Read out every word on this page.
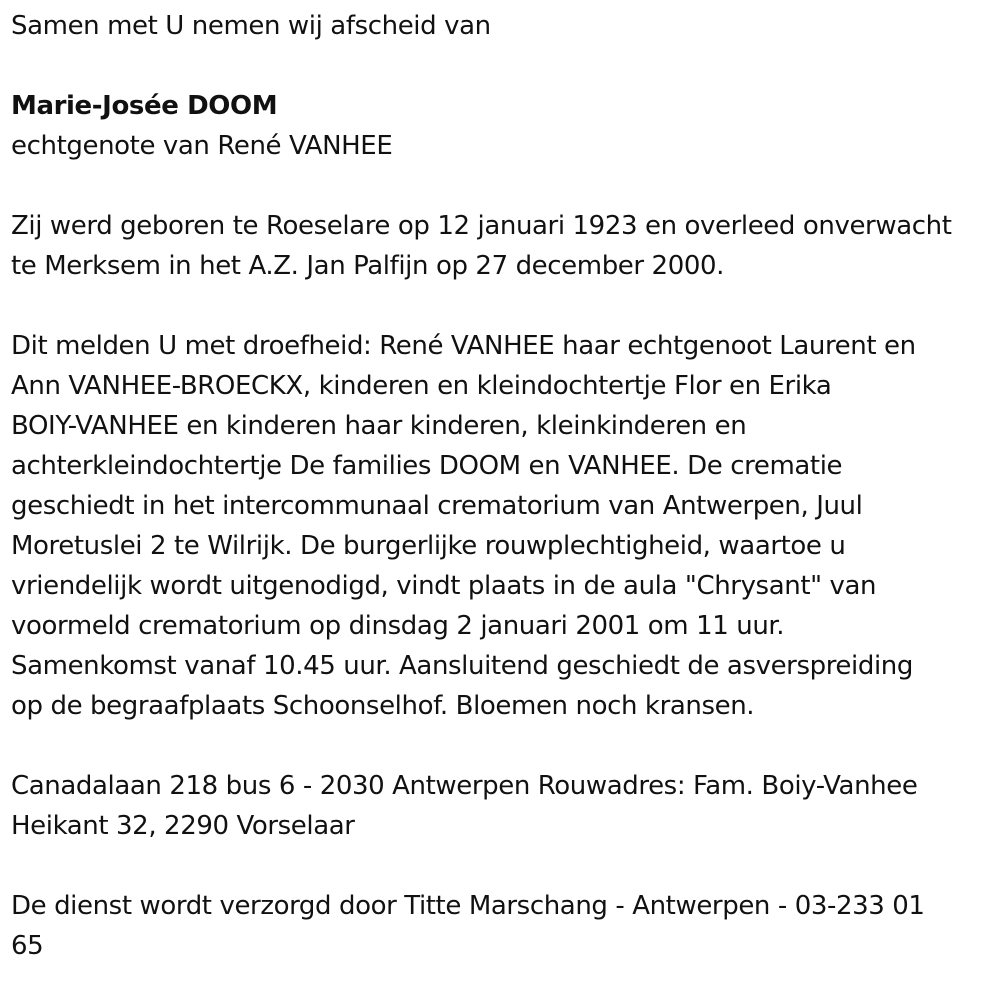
Samen met U nemen wij afscheid van

Marie-Josée DOOM

echtgenote van René VANHEE

Zij werd geboren te Roeselare op 12 januari 1923 en overleed onverwacht

te Merksem in het A.Z. Jan Palfijn op 27 december 2000.

Dit melden U met droefheid: René VANHEE haar echtgenoot Laurent en

Ann VANHEE-BROECKX, kinderen en kleindochtertje Flor en Erika

BOIY-VANHEE en kinderen haar kinderen, kleinkinderen en

achterkleindochtertje De families DOOM en VANHEE. De crematie

geschiedt in het intercommunaal crematorium van Antwerpen, Juul

Moretuslei 2 te Wilrijk. De burgerlijke rouwplechtigheid, waartoe u

vriendelijk wordt uitgenodigd, vindt plaats in de aula "Chrysant" van

voormeld crematorium op dinsdag 2 januari 2001 om 11 uur.

Samenkomst vanaf 10.45 uur. Aansluitend geschiedt de asverspreiding

op de begraafplaats Schoonselhof. Bloemen noch kransen.

Canadalaan 218 bus 6 - 2030 Antwerpen Rouwadres: Fam. Boiy-Vanhee

Heikant 32, 2290 Vorselaar

De dienst wordt verzorgd door Titte Marschang - Antwerpen - 03-233 01

65
